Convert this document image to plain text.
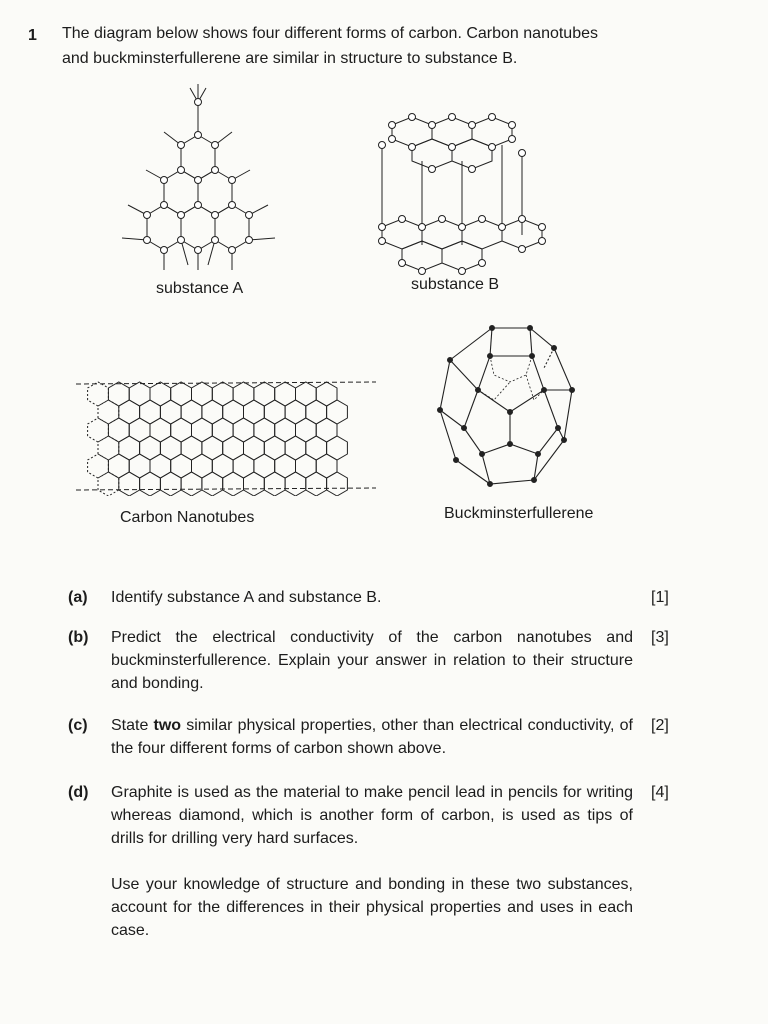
1 The diagram below shows four different forms of carbon. Carbon nanotubes and buckminsterfullerene are similar in structure to substance B.
substance A	substance B
Carbon Nanotubes	Buckminsterfullerene
(a) Identify substance A and substance B.	[1]
(b) Predict the electrical conductivity of the carbon nanotubes and buckminsterfullerence. Explain your answer in relation to their structure and bonding.
[3]
(c) State two similar physical properties, other than electrical conductivity, of the four different forms of carbon shown above.
[2]
(d) Graphite is used as the material to make pencil lead in pencils for writing whereas diamond, which is another form of carbon, is used as tips of drills for drilling very hard surfaces.
Use your knowledge of structure and bonding in these two substances, account for the differences in their physical properties and uses in each case.
[4]
